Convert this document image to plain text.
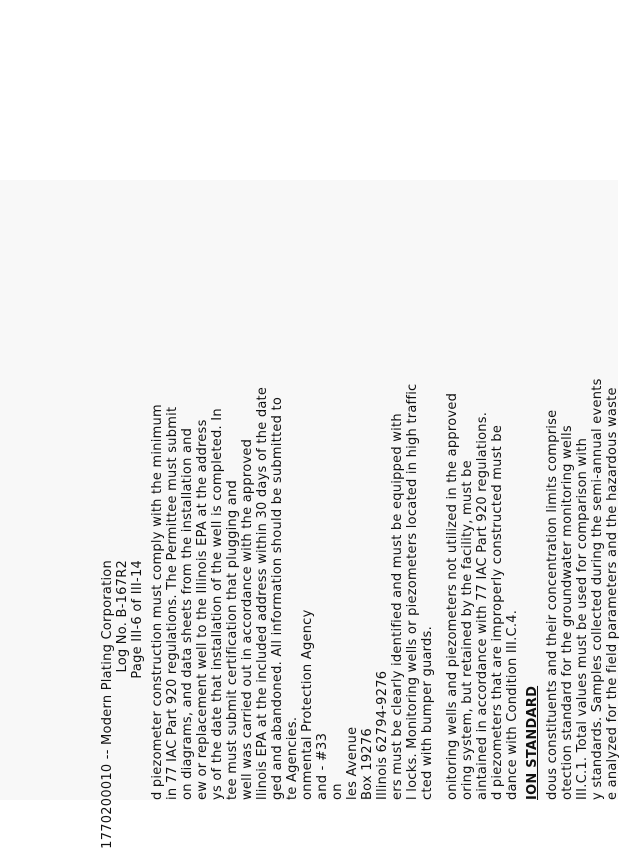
1770200010 -- Modern Plating Corporation Log No. B-167R2 Page III-6 of III-14 d piezometer construction must comply with the minimum in 77 IAC Part 920 regulations. The Permittee must submit on diagrams, and data sheets from the installation and ew or replacement well to the Illinois EPA at the address ys of the date that installation of the well is completed. In tee must submit certification that plugging and well was carried out in accordance with the approved llinois EPA at the included address within 30 days of the date ged and abandoned. All information should be submitted to te Agencies. onmental Protection Agency and - #33 on les Avenue Box 19276 Illinois 62794-9276 ers must be clearly identified and must be equipped with l locks. Monitoring wells or piezometers located in high traffic cted with bumper guards. onitoring wells and piezometers not utilized in the approved oring system, but retained by the facility, must be aintained in accordance with 77 IAC Part 920 regulations. d piezometers that are improperly constructed must be dance with Condition III.C.4. ION STANDARD dous constituents and their concentration limits comprise otection standard for the groundwater monitoring wells III.C.1. Total values must be used for comparison with y standards. Samples collected during the semi-annual events e analyzed for the field parameters and the hazardous waste
